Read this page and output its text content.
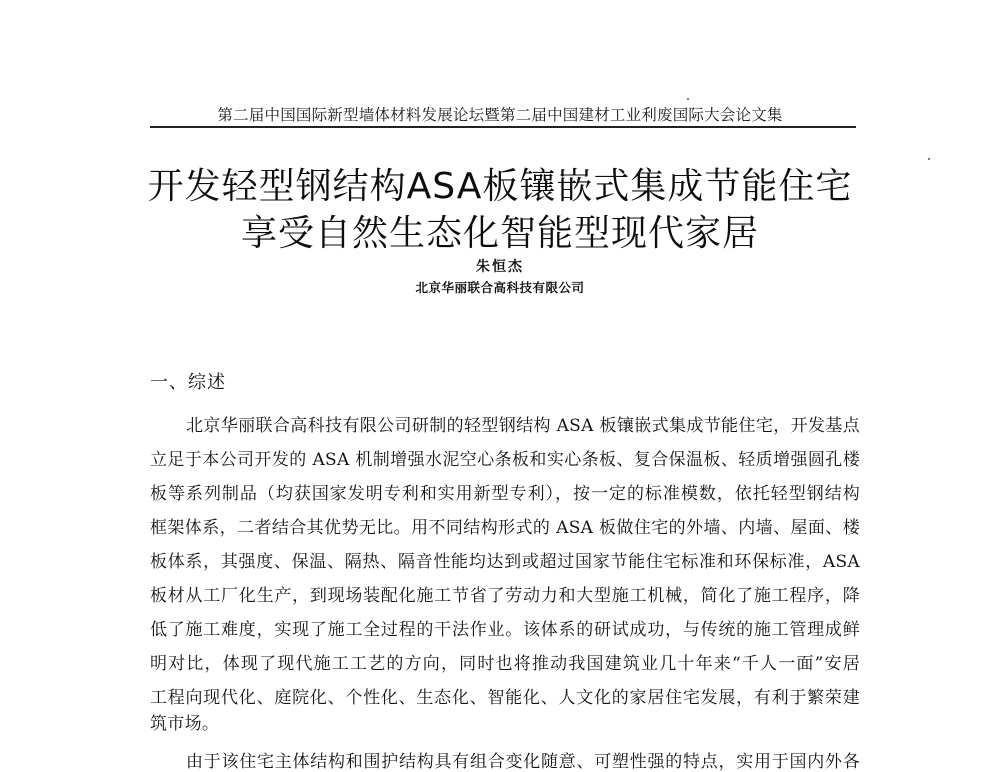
第二届中国国际新型墙体材料发展论坛暨第二届中国建材工业利废国际大会论文集
开发轻型钢结构ASA板镶嵌式集成节能住宅
享受自然生态化智能型现代家居
朱恒杰
北京华丽联合高科技有限公司
一、综述
北京华丽联合高科技有限公司研制的轻型钢结构 ASA 板镶嵌式集成节能住宅，开发基点
立足于本公司开发的 ASA 机制增强水泥空心条板和实心条板、复合保温板、轻质增强圆孔楼
板等系列制品（均获国家发明专利和实用新型专利），按一定的标准模数，依托轻型钢结构
框架体系，二者结合其优势无比。用不同结构形式的 ASA 板做住宅的外墙、内墙、屋面、楼
板体系，其强度、保温、隔热、隔音性能均达到或超过国家节能住宅标准和环保标准，ASA
板材从工厂化生产，到现场装配化施工节省了劳动力和大型施工机械，简化了施工程序，降
低了施工难度，实现了施工全过程的干法作业。该体系的研试成功，与传统的施工管理成鲜
明对比，体现了现代施工工艺的方向，同时也将推动我国建筑业几十年来“千人一面”安居
工程向现代化、庭院化、个性化、生态化、智能化、人文化的家居住宅发展，有利于繁荣建
筑市场。
由于该住宅主体结构和围护结构具有组合变化随意、可塑性强的特点，实用于国内外各
